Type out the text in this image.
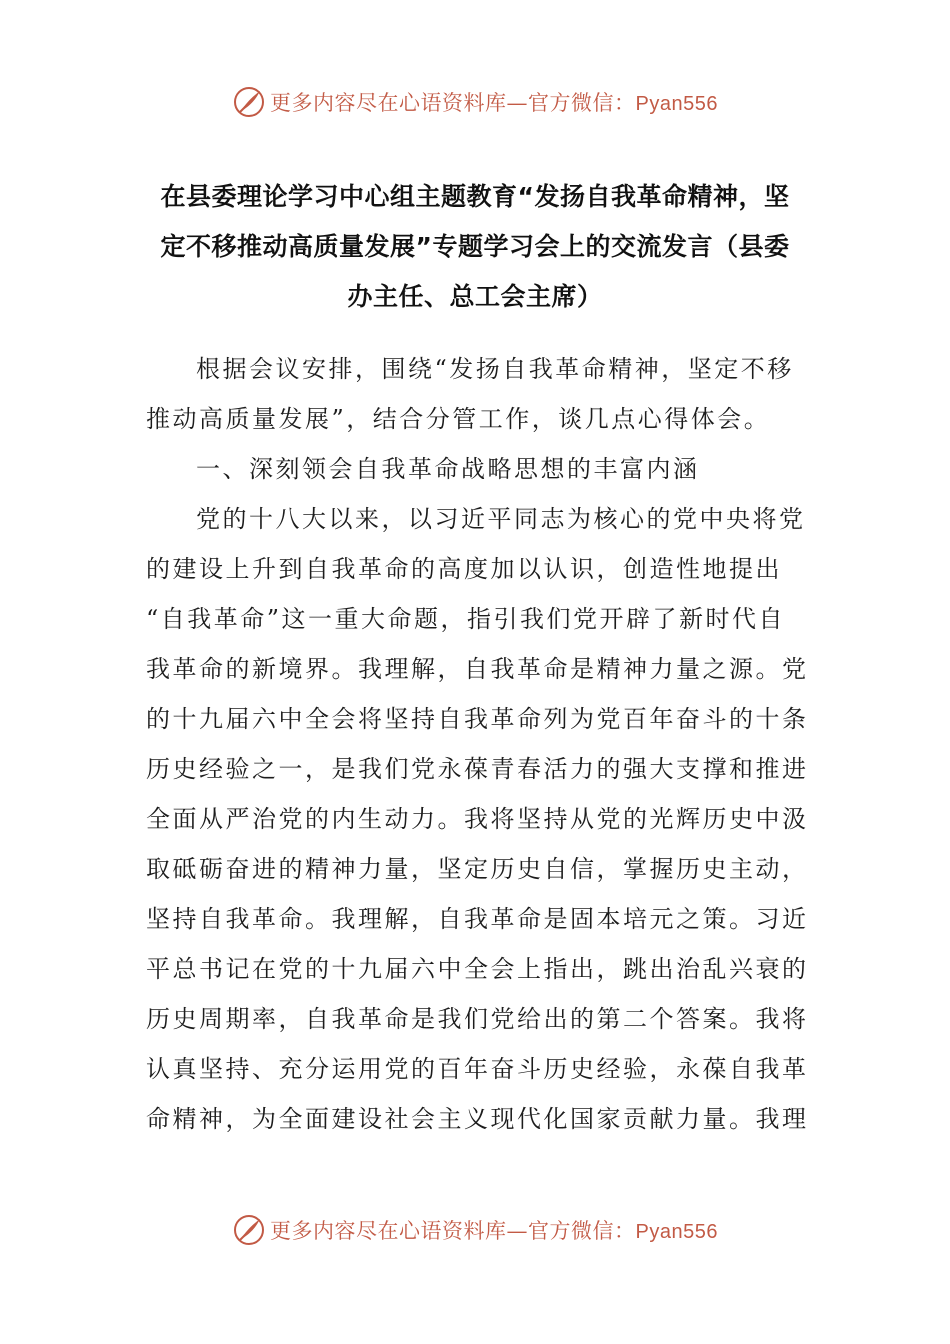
更多内容尽在心语资料库—官方微信：Pyan556
在县委理论学习中心组主题教育“发扬自我革命精神，坚
定不移推动高质量发展”专题学习会上的交流发言（县委
办主任、总工会主席）
根据会议安排，围绕“发扬自我革命精神，坚定不移
推动高质量发展”，结合分管工作，谈几点心得体会。
一、深刻领会自我革命战略思想的丰富内涵
党的十八大以来，以习近平同志为核心的党中央将党
的建设上升到自我革命的高度加以认识，创造性地提出
“自我革命”这一重大命题，指引我们党开辟了新时代自
我革命的新境界。我理解，自我革命是精神力量之源。党
的十九届六中全会将坚持自我革命列为党百年奋斗的十条
历史经验之一，是我们党永葆青春活力的强大支撑和推进
全面从严治党的内生动力。我将坚持从党的光辉历史中汲
取砥砺奋进的精神力量，坚定历史自信，掌握历史主动，
坚持自我革命。我理解，自我革命是固本培元之策。习近
平总书记在党的十九届六中全会上指出，跳出治乱兴衰的
历史周期率，自我革命是我们党给出的第二个答案。我将
认真坚持、充分运用党的百年奋斗历史经验，永葆自我革
命精神，为全面建设社会主义现代化国家贡献力量。我理
更多内容尽在心语资料库—官方微信：Pyan556
